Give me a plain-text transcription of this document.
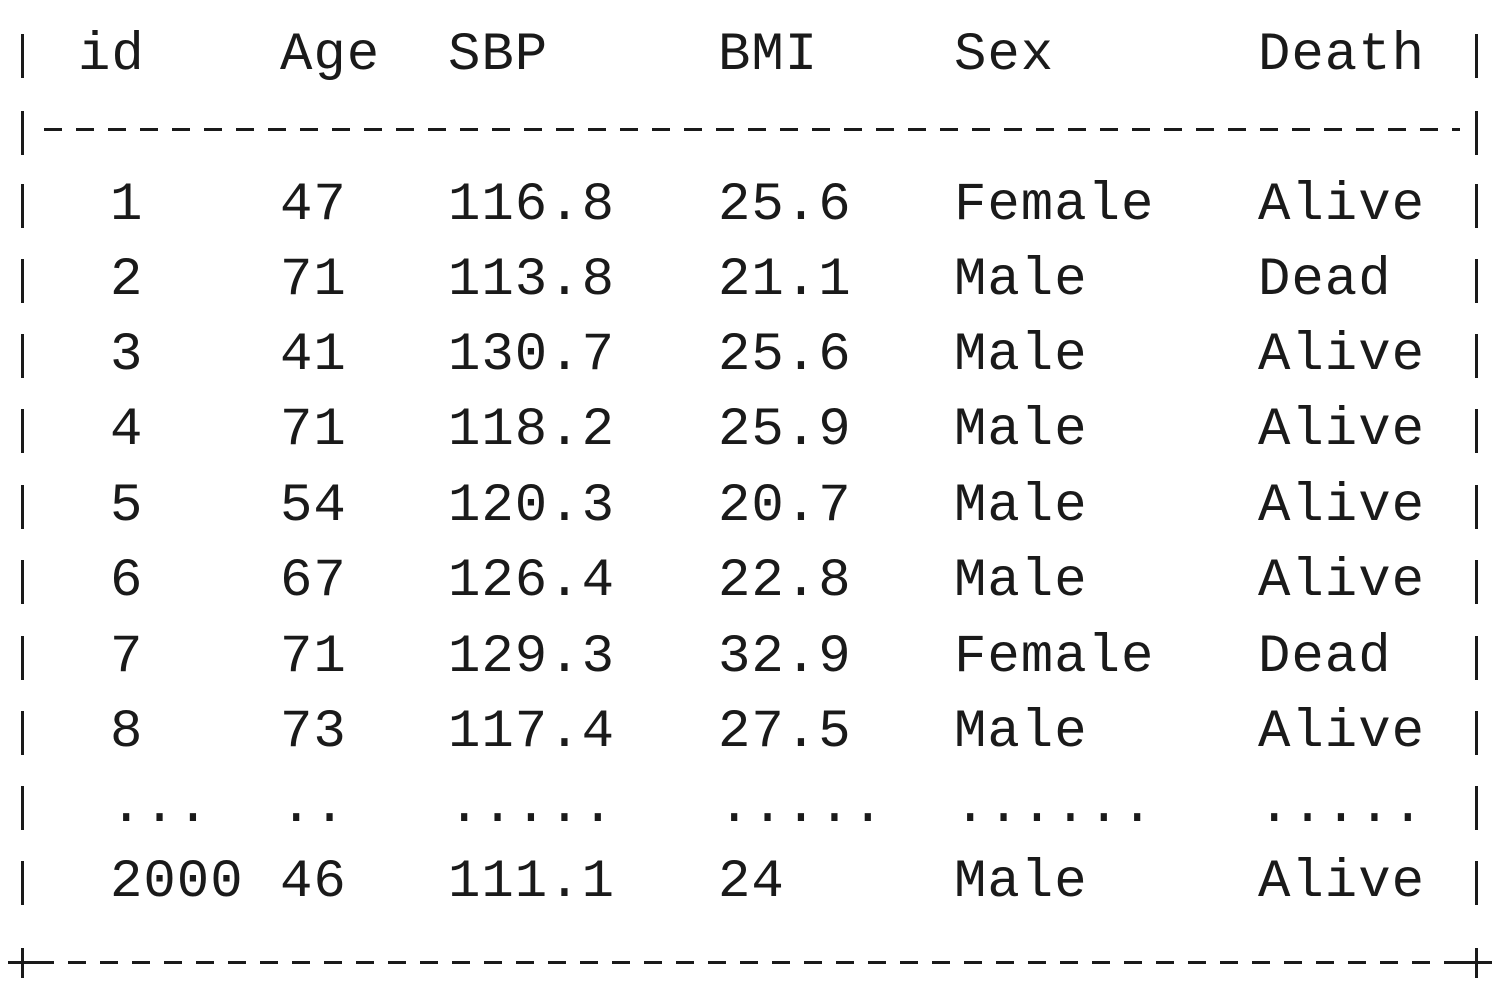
id	Age SBP	BMI	Sex	Death
1	47 116.8 25.6 Female Alive
2	71 113.8 21.1 Male	Dead
3	41 130.7 25.6 Male	Alive
4	71 118.2 25.9 Male	Alive
5	54 120.3 20.7 Male	Alive
6	67 126.4 22.8 Male	Alive
7	71 129.3 32.9 Female Dead
8	73 117.4 27.5 Male	Alive
... .. ..... ..... ...... .....
2000 46 111.1 24	Male	Alive
